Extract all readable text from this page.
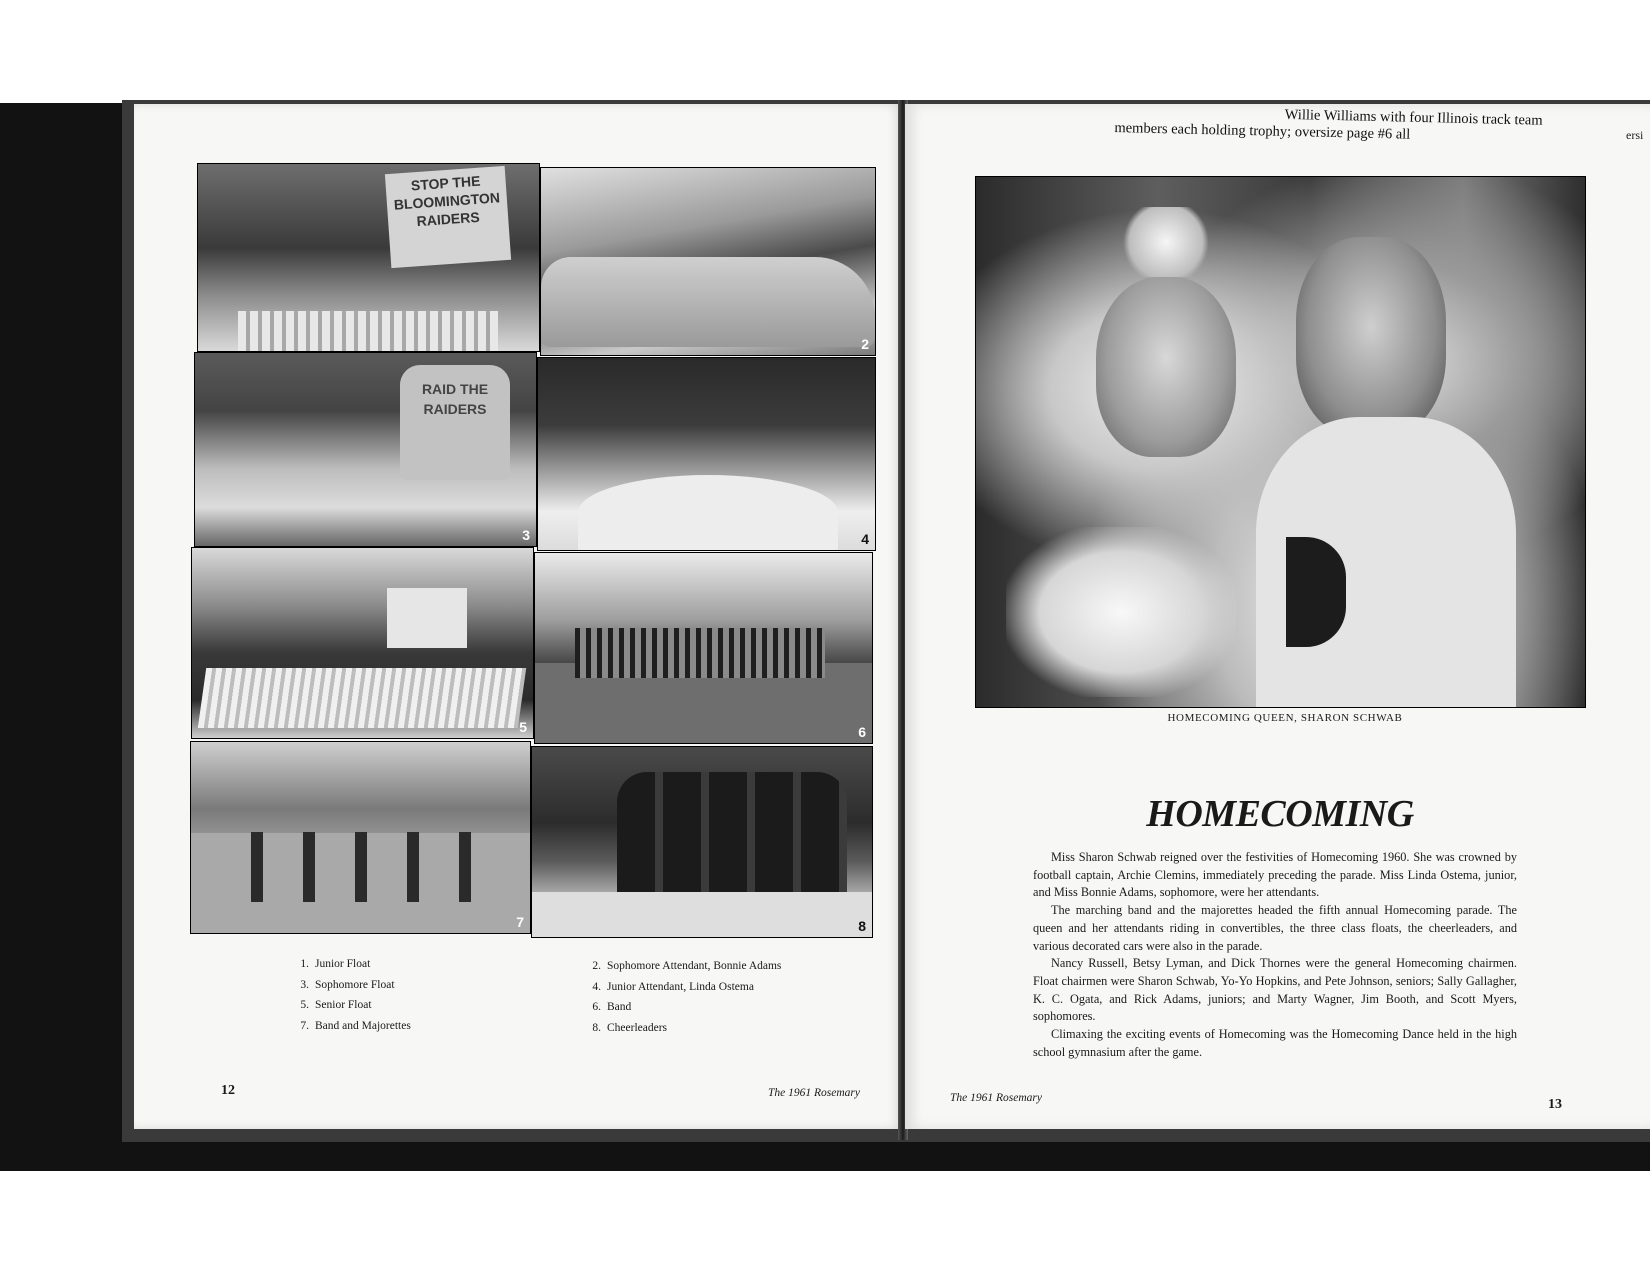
STOP THE BLOOMINGTON RAIDERS
2
RAID THE RAIDERS
3	4
5	6
7	8
1. Junior Float
3. Sophomore Float
5. Senior Float
7. Band and Majorettes
2. Sophomore Attendant, Bonnie Adams
4. Junior Attendant, Linda Ostema
6. Band
8. Cheerleaders
12	The 1961 Rosemary
Willie Williams with four Illinois track team
members each holding trophy; oversize page #6 all	ersi
HOMECOMING QUEEN, SHARON SCHWAB
HOMECOMING

Miss Sharon Schwab reigned over the festivities of Homecoming 1960. She was crowned by football captain, Archie Clemins, immediately preceding the parade. Miss Linda Ostema, junior, and Miss Bonnie Adams, sophomore, were her attendants.

The marching band and the majorettes headed the fifth annual Homecoming parade. The queen and her attendants riding in convertibles, the three class floats, the cheerleaders, and various decorated cars were also in the parade.

Nancy Russell, Betsy Lyman, and Dick Thornes were the general Homecoming chairmen. Float chairmen were Sharon Schwab, Yo-Yo Hopkins, and Pete Johnson, seniors; Sally Gallagher, K. C. Ogata, and Rick Adams, juniors; and Marty Wagner, Jim Booth, and Scott Myers, sophomores.

Climaxing the exciting events of Homecoming was the Homecoming Dance held in the high school gymnasium after the game.

The 1961 Rosemary	13
